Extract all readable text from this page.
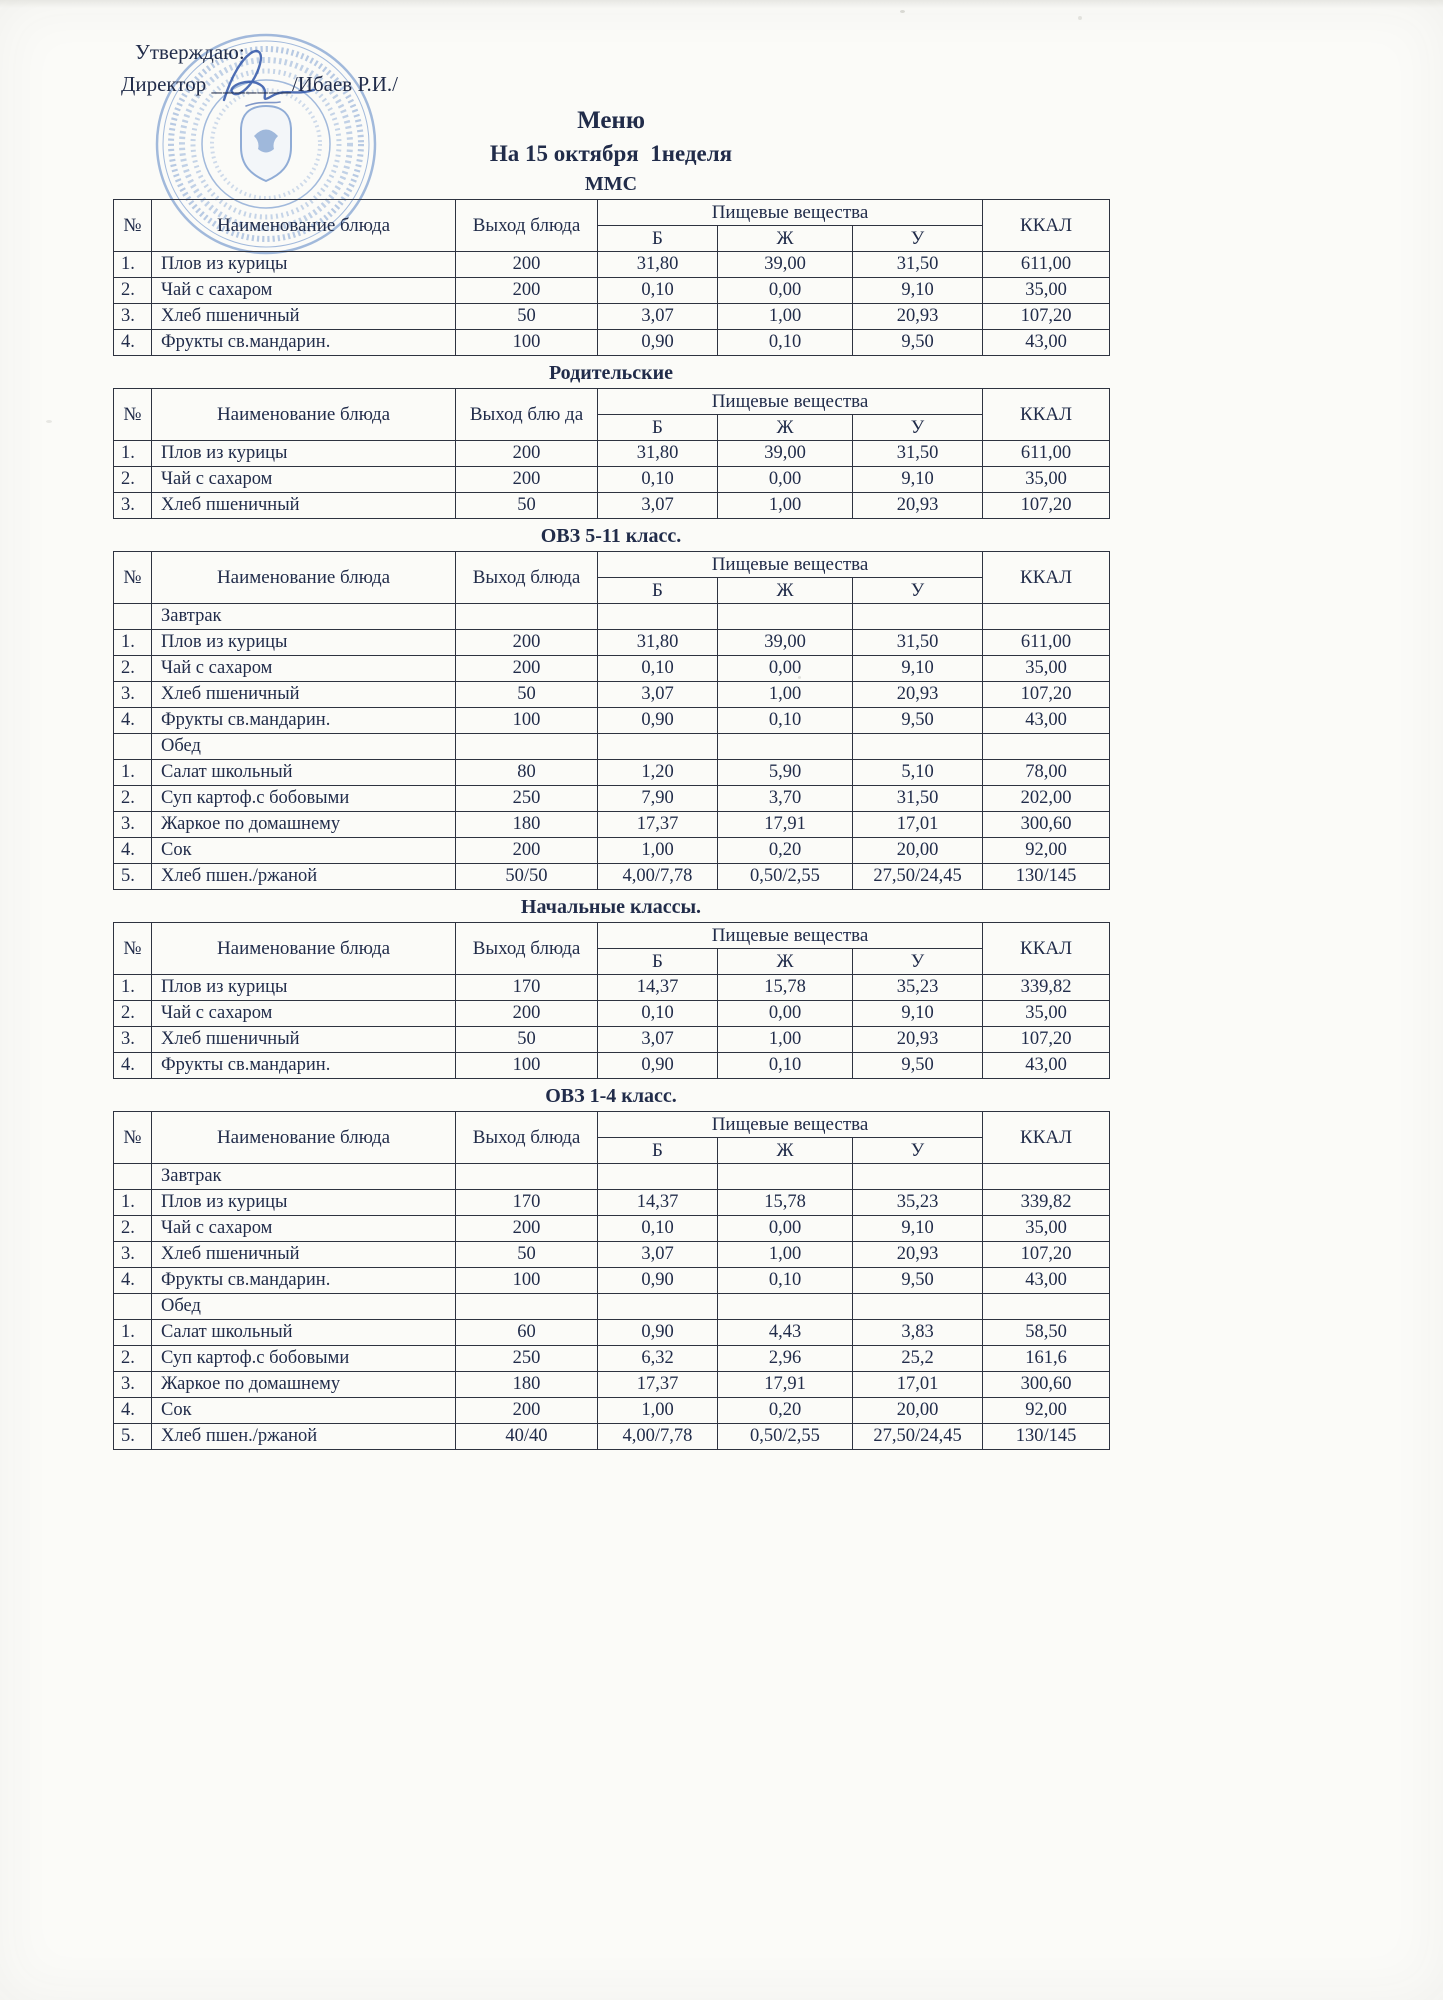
Утверждаю:
Директор _______/Ибаев Р.И./
Меню
На 15 октября  1неделя
ММС
№	Наименование блюда	Выход блюда	Пищевые вещества			ККАЛ
			Б	Ж	У	
1.	Плов из курицы	200	31,80	39,00	31,50	611,00
2.	Чай с сахаром	200	0,10	0,00	9,10	35,00
3.	Хлеб пшеничный	50	3,07	1,00	20,93	107,20
4.	Фрукты св.мандарин.	100	0,90	0,10	9,50	43,00
Родительские
№	Наименование блюда	Выход блю да	Пищевые вещества			ККАЛ
			Б	Ж	У	
1.	Плов из курицы	200	31,80	39,00	31,50	611,00
2.	Чай с сахаром	200	0,10	0,00	9,10	35,00
3.	Хлеб пшеничный	50	3,07	1,00	20,93	107,20
ОВЗ 5-11 класс.
№	Наименование блюда	Выход блюда	Пищевые вещества			ККАЛ
			Б	Ж	У	
	Завтрак					
1.	Плов из курицы	200	31,80	39,00	31,50	611,00
2.	Чай с сахаром	200	0,10	0,00	9,10	35,00
3.	Хлеб пшеничный	50	3,07	1,00	20,93	107,20
4.	Фрукты св.мандарин.	100	0,90	0,10	9,50	43,00
	Обед					
1.	Салат школьный	80	1,20	5,90	5,10	78,00
2.	Суп картоф.с бобовыми	250	7,90	3,70	31,50	202,00
3.	Жаркое по домашнему	180	17,37	17,91	17,01	300,60
4.	Сок	200	1,00	0,20	20,00	92,00
5.	Хлеб пшен./ржаной	50/50	4,00/7,78	0,50/2,55	27,50/24,45	130/145
Начальные классы.
№	Наименование блюда	Выход блюда	Пищевые вещества			ККАЛ
			Б	Ж	У	
1.	Плов из курицы	170	14,37	15,78	35,23	339,82
2.	Чай с сахаром	200	0,10	0,00	9,10	35,00
3.	Хлеб пшеничный	50	3,07	1,00	20,93	107,20
4.	Фрукты св.мандарин.	100	0,90	0,10	9,50	43,00
ОВЗ 1-4 класс.
№	Наименование блюда	Выход блюда	Пищевые вещества			ККАЛ
			Б	Ж	У	
	Завтрак					
1.	Плов из курицы	170	14,37	15,78	35,23	339,82
2.	Чай с сахаром	200	0,10	0,00	9,10	35,00
3.	Хлеб пшеничный	50	3,07	1,00	20,93	107,20
4.	Фрукты св.мандарин.	100	0,90	0,10	9,50	43,00
	Обед					
1.	Салат школьный	60	0,90	4,43	3,83	58,50
2.	Суп картоф.с бобовыми	250	6,32	2,96	25,2	161,6
3.	Жаркое по домашнему	180	17,37	17,91	17,01	300,60
4.	Сок	200	1,00	0,20	20,00	92,00
5.	Хлеб пшен./ржаной	40/40	4,00/7,78	0,50/2,55	27,50/24,45	130/145
